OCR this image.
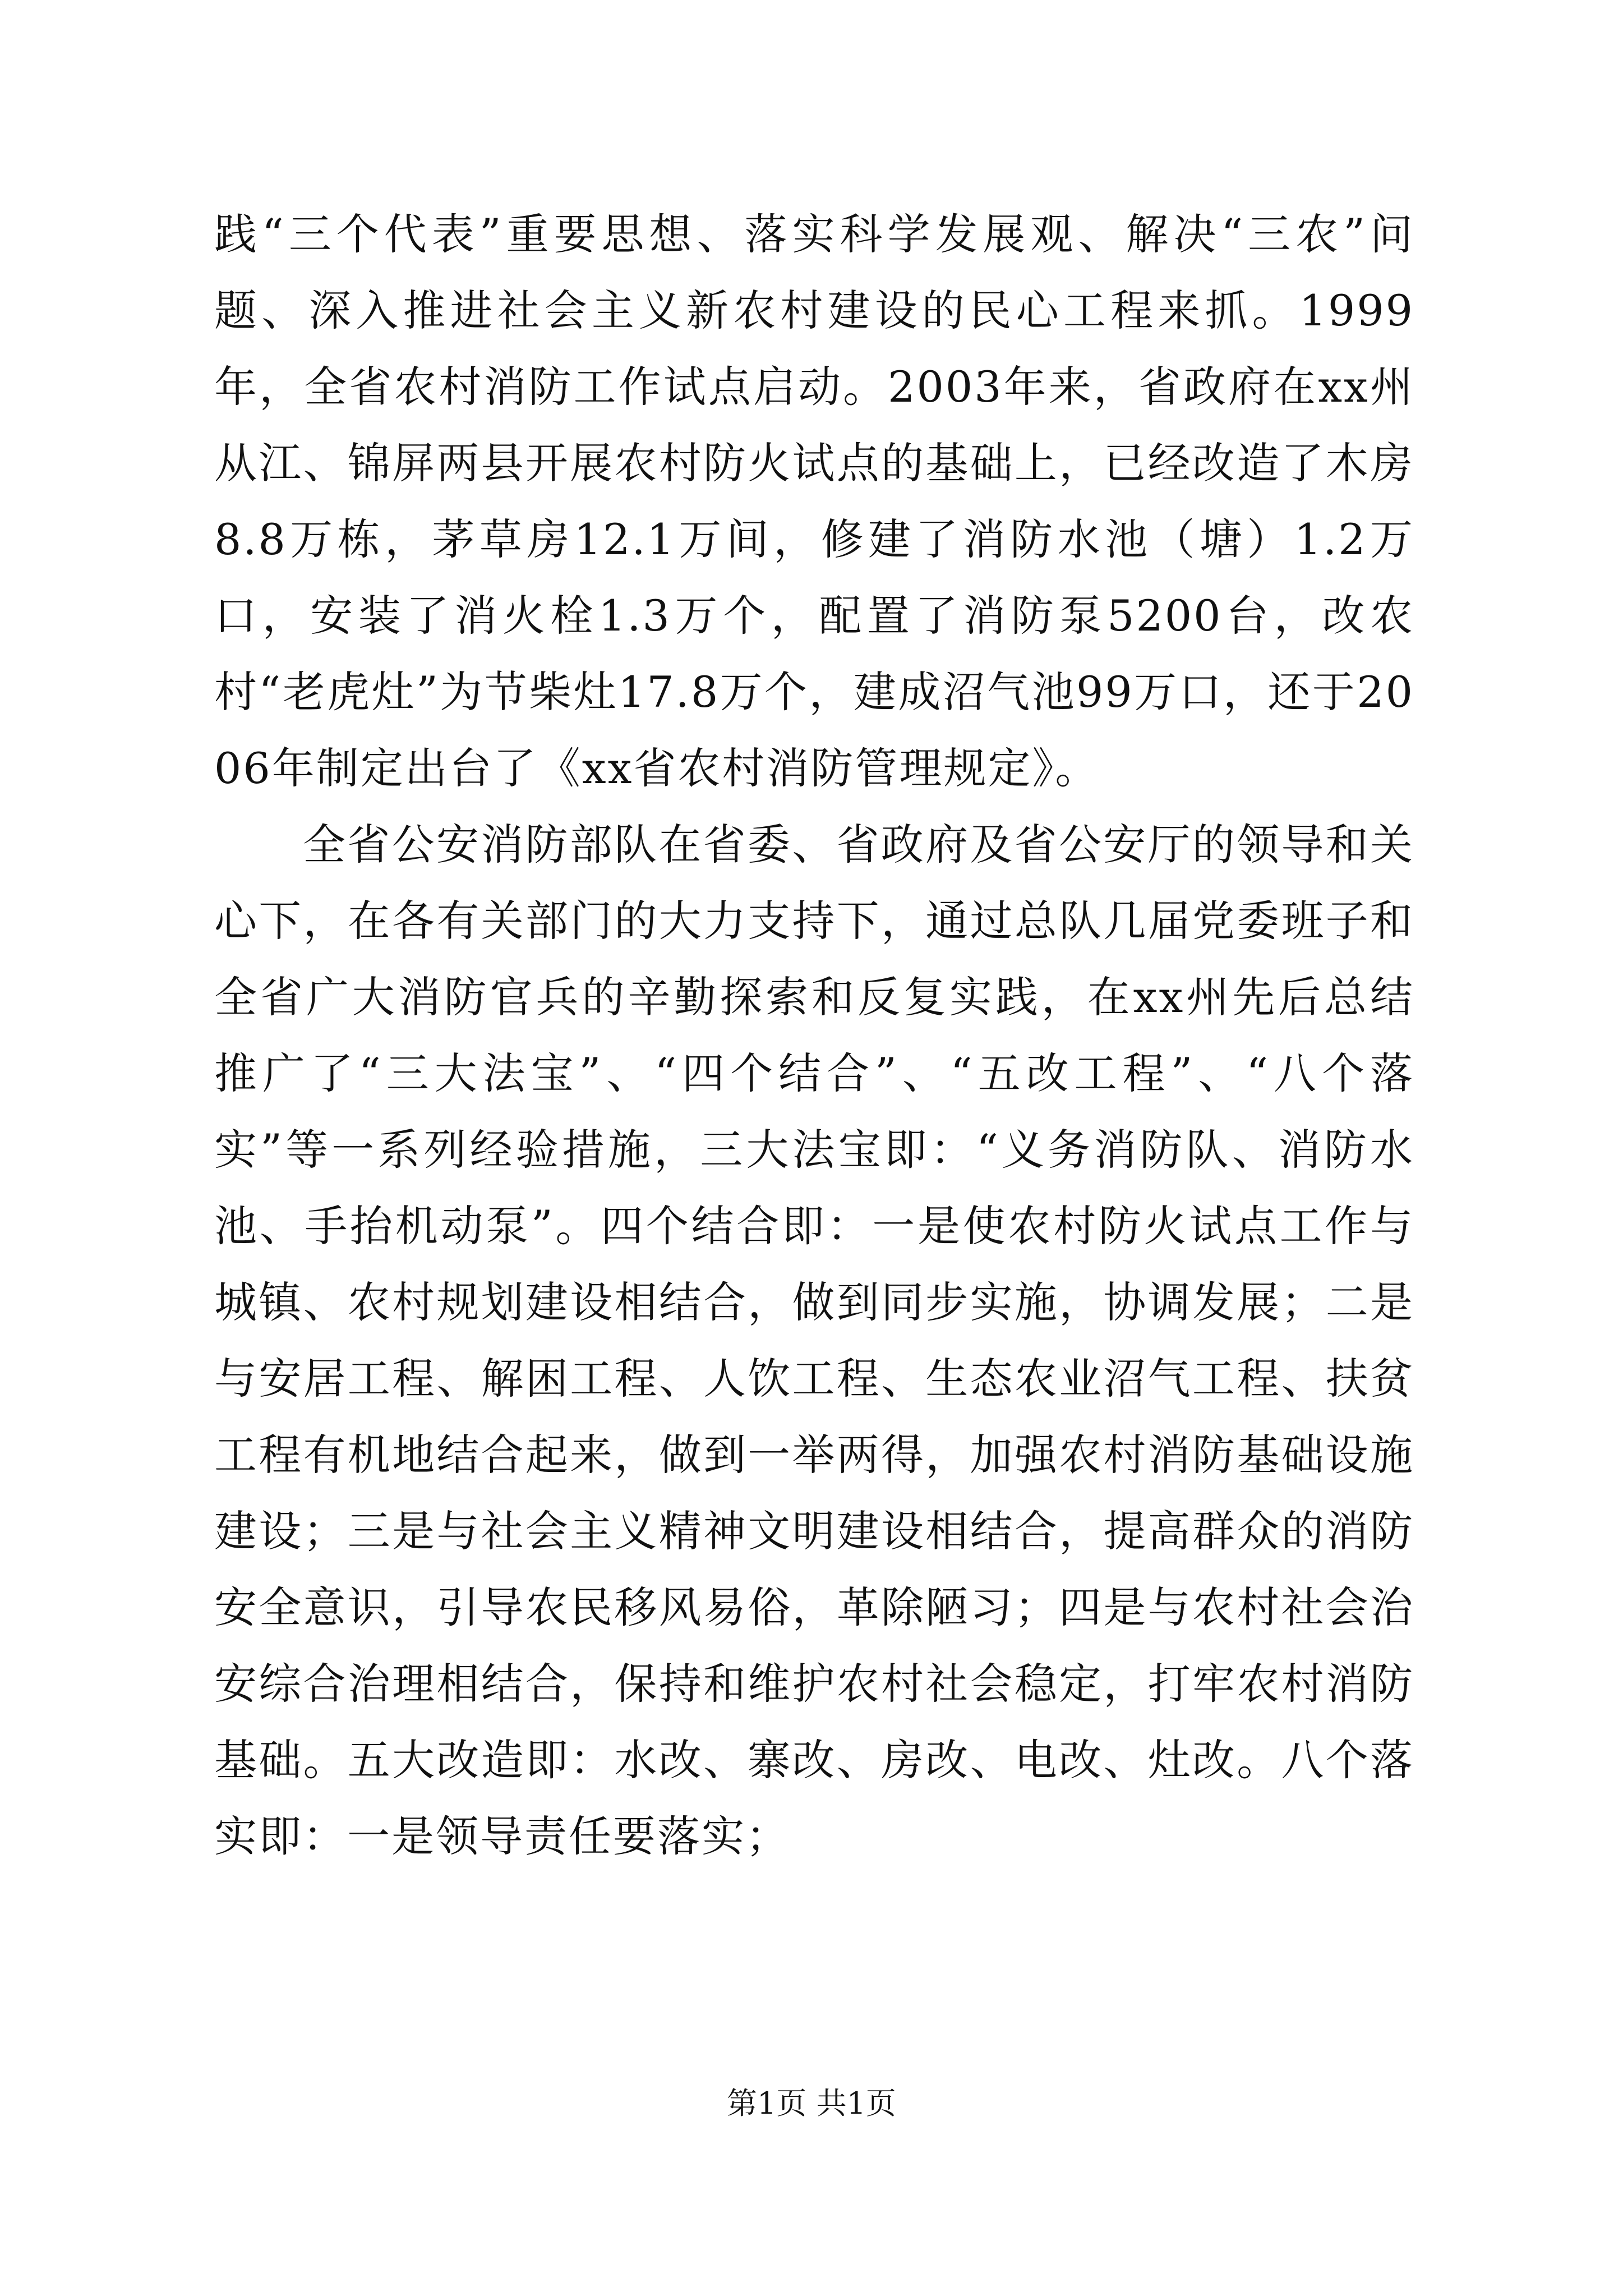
践“三个代表”重要思想、落实科学发展观、解决“三农”问题、深入推进社会主义新农村建设的民心工程来抓。1999年，全省农村消防工作试点启动。2003年来，省政府在xx州从江、锦屏两县开展农村防火试点的基础上，已经改造了木房8.8万栋，茅草房12.1万间，修建了消防水池（塘）1.2万口，安装了消火栓1.3万个，配置了消防泵5200台，改农村“老虎灶”为节柴灶17.8万个，建成沼气池99万口，还于2006年制定出台了《xx省农村消防管理规定》。

全省公安消防部队在省委、省政府及省公安厅的领导和关心下，在各有关部门的大力支持下，通过总队几届党委班子和全省广大消防官兵的辛勤探索和反复实践，在xx州先后总结推广了“三大法宝”、“四个结合”、“五改工程”、“八个落实”等一系列经验措施，三大法宝即：“义务消防队、消防水池、手抬机动泵”。四个结合即：一是使农村防火试点工作与城镇、农村规划建设相结合，做到同步实施，协调发展；二是与安居工程、解困工程、人饮工程、生态农业沼气工程、扶贫工程有机地结合起来，做到一举两得，加强农村消防基础设施建设；三是与社会主义精神文明建设相结合，提高群众的消防安全意识，引导农民移风易俗，革除陋习；四是与农村社会治安综合治理相结合，保持和维护农村社会稳定，打牢农村消防基础。五大改造即：水改、寨改、房改、电改、灶改。八个落实即：一是领导责任要落实；

第1页 共1页
